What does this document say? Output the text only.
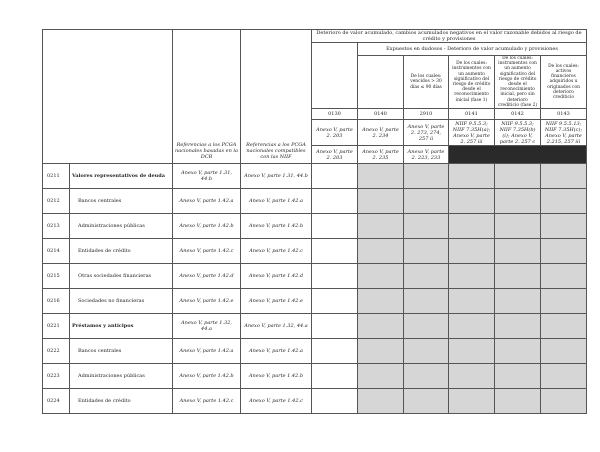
		Referencias a los PCGA nacionales basadas en la DCB	Referencias a los PCGA nacionales compatibles con las NIIF	Deterioro de valor acumulado, cambios acumulados negativos en el valor razonable debidos al riesgo de crédito y provisiones					
					Expuestos en dudosos - Deterioro de valor acumulado y provisiones				
						De los cuales: vencidos > 30 días ≤ 90 días	De los cuales: instrumentos con un aumento significativo del riesgo de crédito desde el reconocimiento inicial (fase 1)	De los cuales: instrumentos con un aumento significativo del riesgo de crédito desde el reconocimiento inicial, pero sin deterioro crediticio (fase 2)	De los cuales: activos financieros adquiridos u originados con deterioro crediticio
				0130	0140	2910	0141	0142	0143
				Anexo V, parte 2. 203	Anexo V, parte 2. 234	Anexo V, parte 2. 273, 274, 257 ii	NIIF 9.5.5.3; NIIF 7.35H(a); Anexo V, parte 2. 257 iii	NIIF 9.5.5.3; NIIF 7.35H(b)(i); Anexo V, parte 2. 257 c	NIIF 9.5.5.13; NIIF 7.35H(c); Anexo V, parte 2.215, 257 iii
				Anexo V, parte 2. 203	Anexo V, parte 2. 235	Anexo V, parte 2. 223, 233			
0211	Valores representativos de deuda	Anexo V, parte 1.31, 44.b	Anexo V, parte 1.31, 44.b						
0212	Bancos centrales	Anexo V, parte 1.42.a	Anexo V, parte 1.42.a						
0213	Administraciones públicas	Anexo V, parte 1.42.b	Anexo V, parte 1.42.b						
0214	Entidades de crédito	Anexo V, parte 1.42.c	Anexo V, parte 1.42.c						
0215	Otras sociedades financieras	Anexo V, parte 1.42.d	Anexo V, parte 1.42.d						
0216	Sociedades no financieras	Anexo V, parte 1.42.e	Anexo V, parte 1.42.e						
0221	Préstamos y anticipos	Anexo V, parte 1.32, 44.a	Anexo V, parte 1.32, 44.a						
0222	Bancos centrales	Anexo V, parte 1.42.a	Anexo V, parte 1.42.a						
0223	Administraciones públicas	Anexo V, parte 1.42.b	Anexo V, parte 1.42.b						
0224	Entidades de crédito	Anexo V, parte 1.42.c	Anexo V, parte 1.42.c						
